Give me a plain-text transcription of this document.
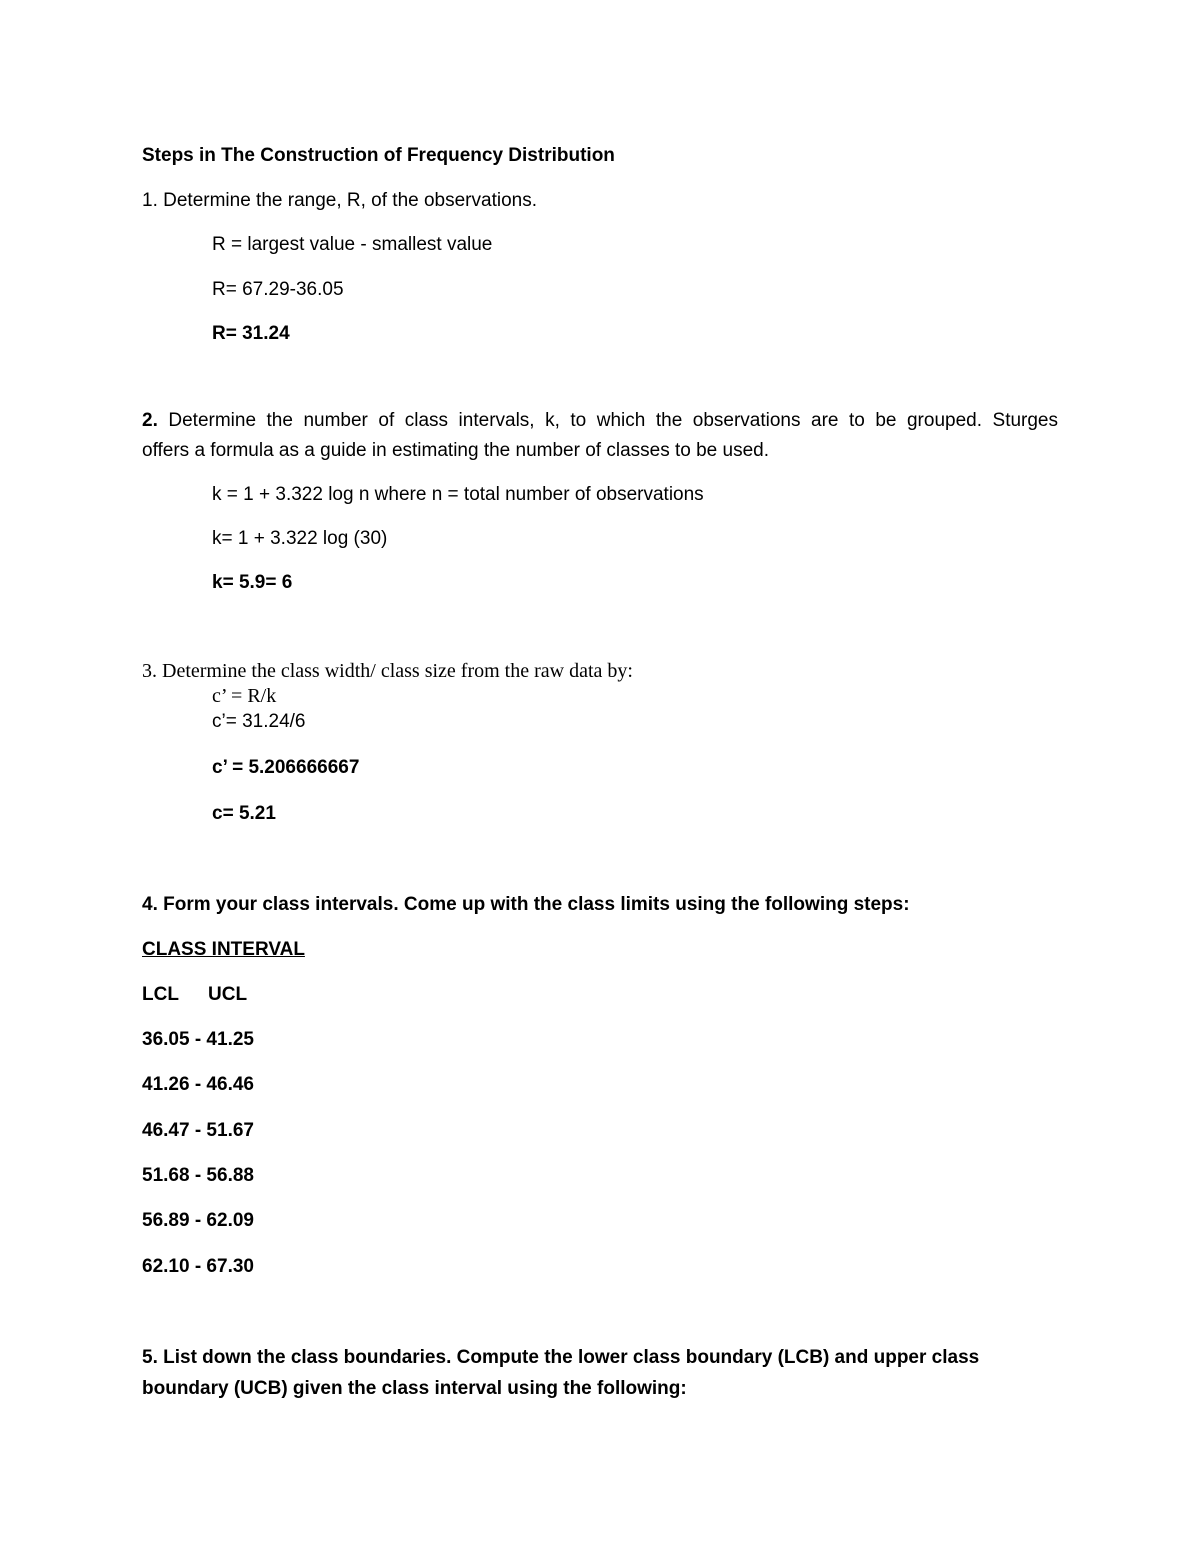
Steps in The Construction of Frequency Distribution

1. Determine the range, R, of the observations.

R = largest value - smallest value

R= 67.29-36.05

R= 31.24

2. Determine the number of class intervals, k, to which the observations are to be grouped. Sturges

offers a formula as a guide in estimating the number of classes to be used.

k = 1 + 3.322 log n where n = total number of observations

k= 1 + 3.322 log (30)

k= 5.9= 6

3. Determine the class width/ class size from the raw data by:

c’ = R/k

c’= 31.24/6

c’ = 5.206666667

c= 5.21

4. Form your class intervals. Come up with the class limits using the following steps:

CLASS INTERVAL

LCL UCL

36.05 - 41.25

41.26 - 46.46

46.47 - 51.67

51.68 - 56.88

56.89 - 62.09

62.10 - 67.30

5. List down the class boundaries. Compute the lower class boundary (LCB) and upper class

boundary (UCB) given the class interval using the following:
